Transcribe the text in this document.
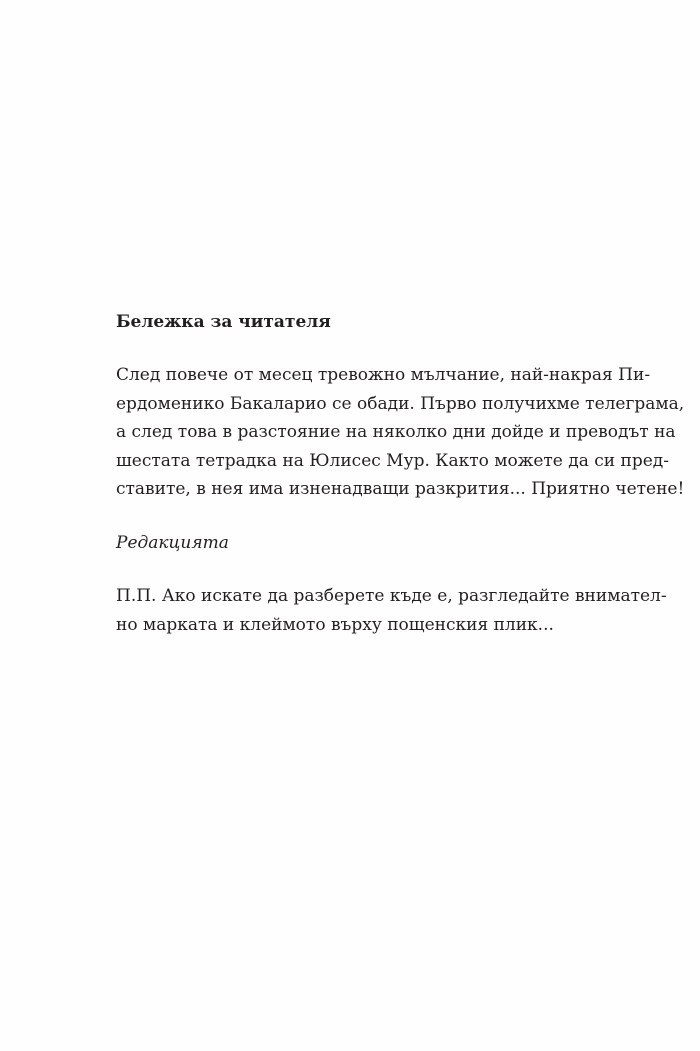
Бележка за читателя

След повече от месец тревожно мълчание, най-накрая Пи-
ердоменико Бакаларио се обади. Първо получихме телеграма,
а след това в разстояние на няколко дни дойде и преводът на
шестата тетрадка на Юлисес Мур. Както можете да си пред-
ставите, в нея има изненадващи разкрития... Приятно четене!

Редакцията

П.П. Ако искате да разберете къде е, разгледайте внимател-
но марката и клеймото върху пощенския плик...
